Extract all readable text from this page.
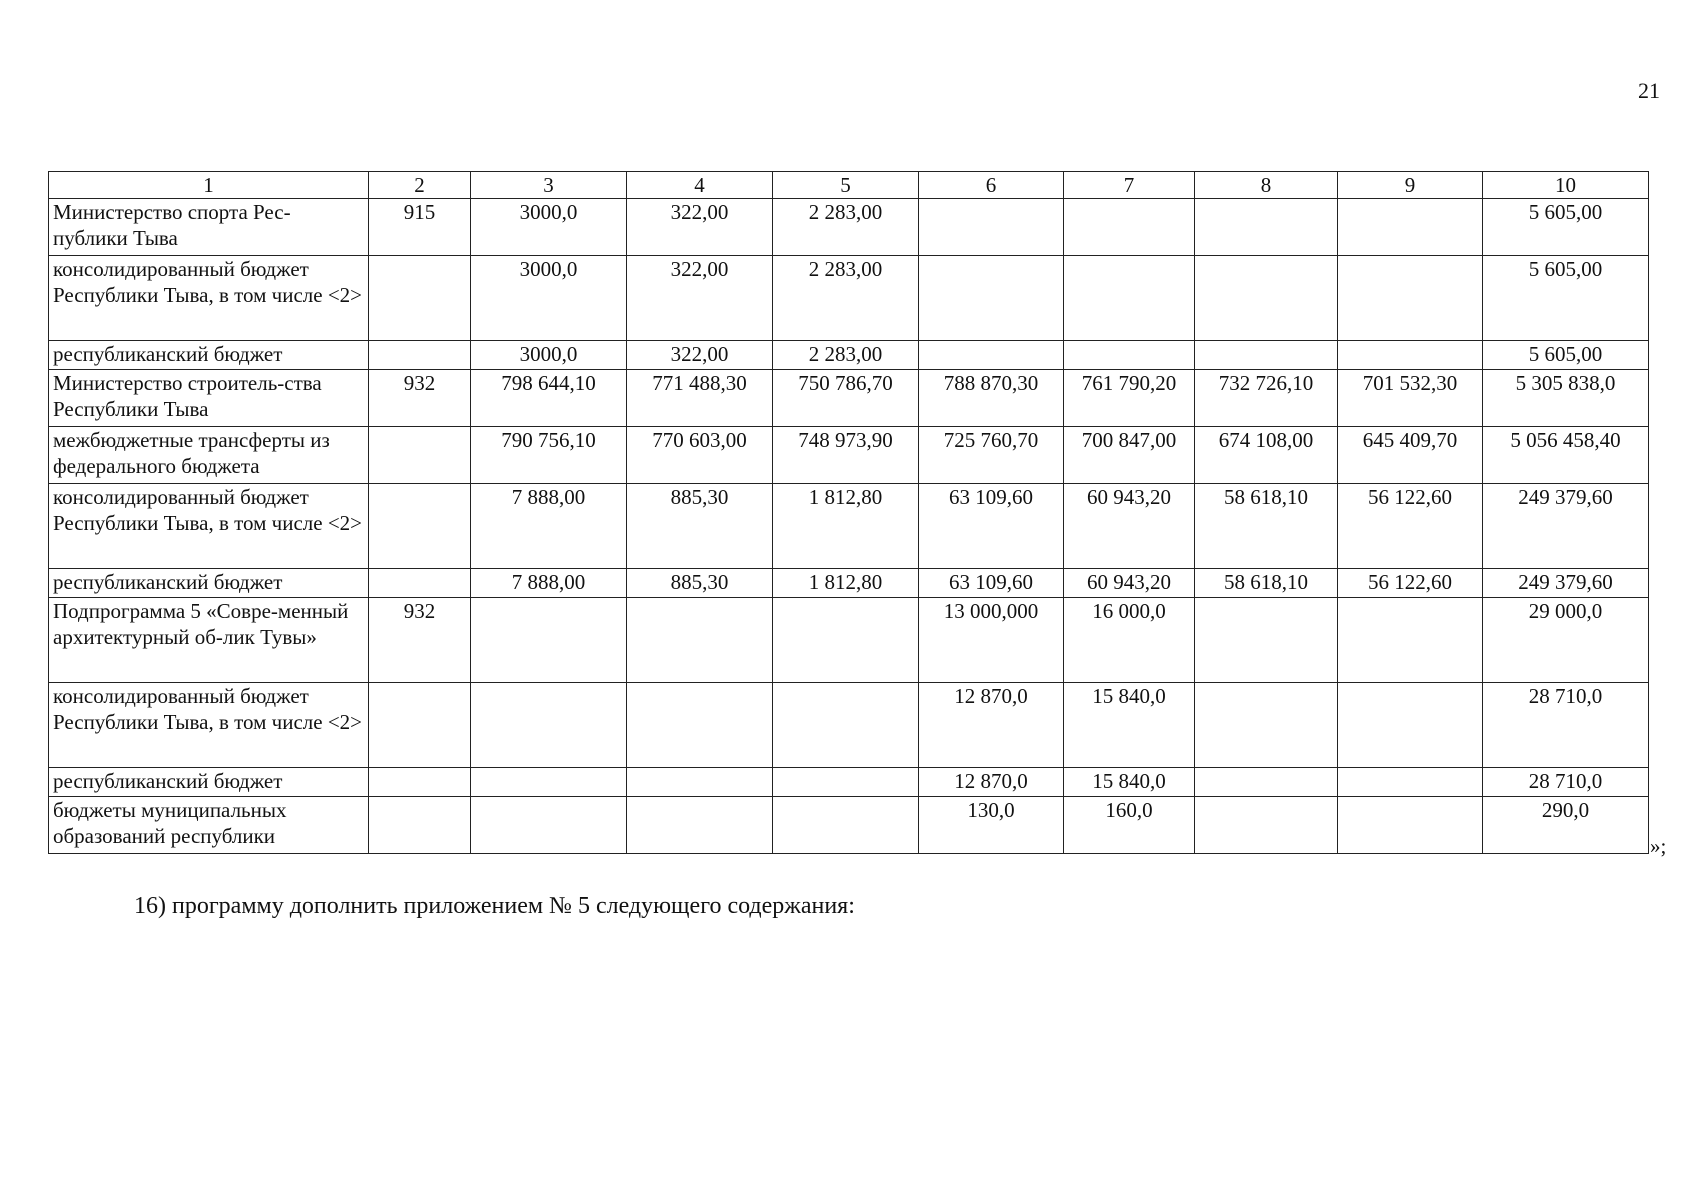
21
1	2	3	4	5	6	7	8	9	10
Министерство спорта Рес-публики Тыва	915	3000,0	322,00	2 283,00					5 605,00
консолидированный бюджет Республики Тыва, в том числе <2>		3000,0	322,00	2 283,00					5 605,00
республиканский бюджет		3000,0	322,00	2 283,00					5 605,00
Министерство строитель-ства Республики Тыва	932	798 644,10	771 488,30	750 786,70	788 870,30	761 790,20	732 726,10	701 532,30	5 305 838,0
межбюджетные трансферты из федерального бюджета		790 756,10	770 603,00	748 973,90	725 760,70	700 847,00	674 108,00	645 409,70	5 056 458,40
консолидированный бюджет Республики Тыва, в том числе <2>		7 888,00	885,30	1 812,80	63 109,60	60 943,20	58 618,10	56 122,60	249 379,60
республиканский бюджет		7 888,00	885,30	1 812,80	63 109,60	60 943,20	58 618,10	56 122,60	249 379,60
Подпрограмма 5 «Совре-менный архитектурный об-лик Тувы»	932				13 000,000	16 000,0			29 000,0
консолидированный бюджет Республики Тыва, в том числе <2>					12 870,0	15 840,0			28 710,0
республиканский бюджет					12 870,0	15 840,0			28 710,0
бюджеты муниципальных образований республики					130,0	160,0			290,0
»;
16) программу дополнить приложением № 5 следующего содержания:
